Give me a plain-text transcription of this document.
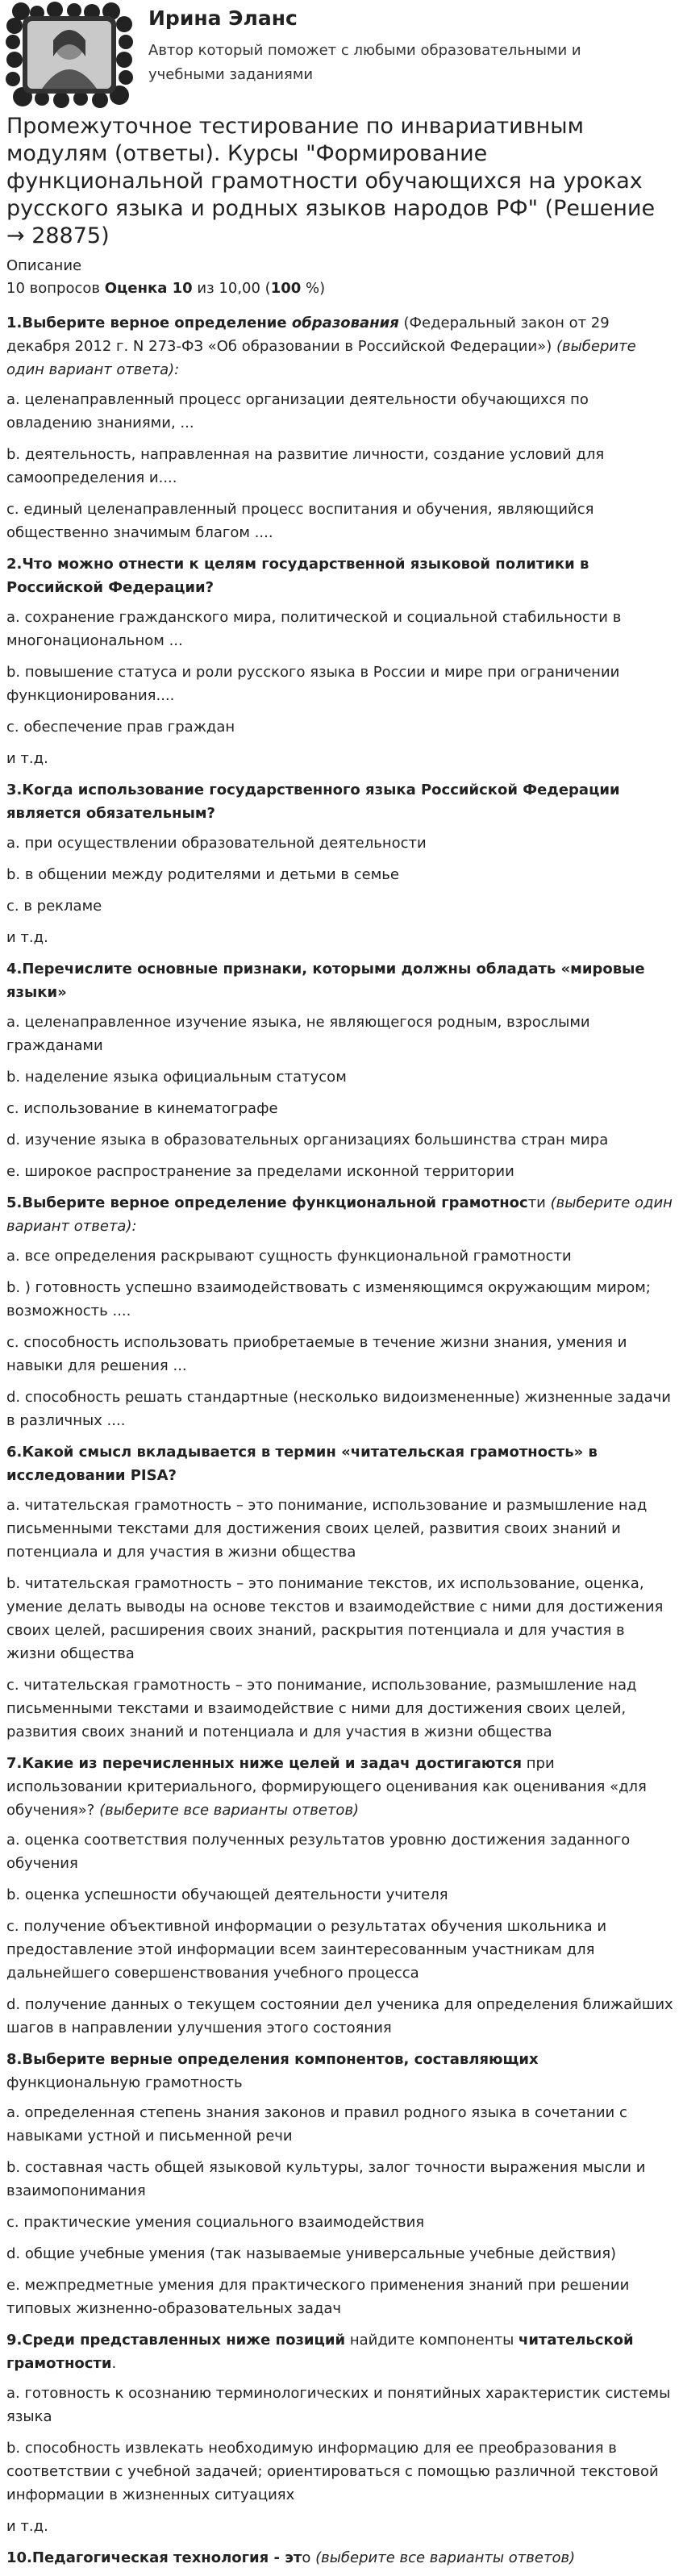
Ирина Эланс
Автор который поможет с любыми образовательными и учебными заданиями
Промежуточное тестирование по инвариативным модулям (ответы). Курсы "Формирование функциональной грамотности обучающихся на уроках русского языка и родных языков народов РФ" (Решение → 28875)
Описание
10 вопросов Оценка 10 из 10,00 (100 %)
1.Выберите верное определение образования (Федеральный закон от 29 декабря 2012 г. N 273-ФЗ «Об образовании в Российской Федерации») (выберите один вариант ответа):
a. целенаправленный процесс организации деятельности обучающихся по овладению знаниями, ...
b. деятельность, направленная на развитие личности, создание условий для самоопределения и....
c. единый целенаправленный процесс воспитания и обучения, являющийся общественно значимым благом ....
2.Что можно отнести к целям государственной языковой политики в Российской Федерации?
a. сохранение гражданского мира, политической и социальной стабильности в многонациональном ...
b. повышение статуса и роли русского языка в России и мире при ограничении функционирования....
c. обеспечение прав граждан
и т.д.
3.Когда использование государственного языка Российской Федерации является обязательным?
a. при осуществлении образовательной деятельности
b. в общении между родителями и детьми в семье
c. в рекламе
и т.д.
4.Перечислите основные признаки, которыми должны обладать «мировые языки»
a. целенаправленное изучение языка, не являющегося родным, взрослыми гражданами
b. наделение языка официальным статусом
c. использование в кинематографе
d. изучение языка в образовательных организациях большинства стран мира
e. широкое распространение за пределами исконной территории
5.Выберите верное определение функциональной грамотности (выберите один вариант ответа):
a. все определения раскрывают сущность функциональной грамотности
b. ) готовность успешно взаимодействовать с изменяющимся окружающим миром; возможность ....
c. способность использовать приобретаемые в течение жизни знания, умения и навыки для решения ...
d. способность решать стандартные (несколько видоизмененные) жизненные задачи в различных ....
6.Какой смысл вкладывается в термин «читательская грамотность» в исследовании PISA?
a. читательская грамотность – это понимание, использование и размышление над письменными текстами для достижения своих целей, развития своих знаний и потенциала и для участия в жизни общества
b. читательская грамотность – это понимание текстов, их использование, оценка, умение делать выводы на основе текстов и взаимодействие с ними для достижения своих целей, расширения своих знаний, раскрытия потенциала и для участия в жизни общества
c. читательская грамотность – это понимание, использование, размышление над письменными текстами и взаимодействие с ними для достижения своих целей, развития своих знаний и потенциала и для участия в жизни общества
7.Какие из перечисленных ниже целей и задач достигаются при использовании критериального, формирующего оценивания как оценивания «для обучения»? (выберите все варианты ответов)
a. оценка соответствия полученных результатов уровню достижения заданного обучения
b. оценка успешности обучающей деятельности учителя
c. получение объективной информации о результатах обучения школьника и предоставление этой информации всем заинтересованным участникам для дальнейшего совершенствования учебного процесса
d. получение данных о текущем состоянии дел ученика для определения ближайших шагов в направлении улучшения этого состояния
8.Выберите верные определения компонентов, составляющих функциональную грамотность
a. определенная степень знания законов и правил родного языка в сочетании с навыками устной и письменной речи
b. составная часть общей языковой культуры, залог точности выражения мысли и взаимопонимания
c. практические умения социального взаимодействия
d. общие учебные умения (так называемые универсальные учебные действия)
e. межпредметные умения для практического применения знаний при решении типовых жизненно-образовательных задач
9.Среди представленных ниже позиций найдите компоненты читательской грамотности.
a. готовность к осознанию терминологических и понятийных характеристик системы языка
b. способность извлекать необходимую информацию для ее преобразования в соответствии с учебной задачей; ориентироваться с помощью различной текстовой информации в жизненных ситуациях
и т.д.
10.Педагогическая технология - это (выберите все варианты ответов)
